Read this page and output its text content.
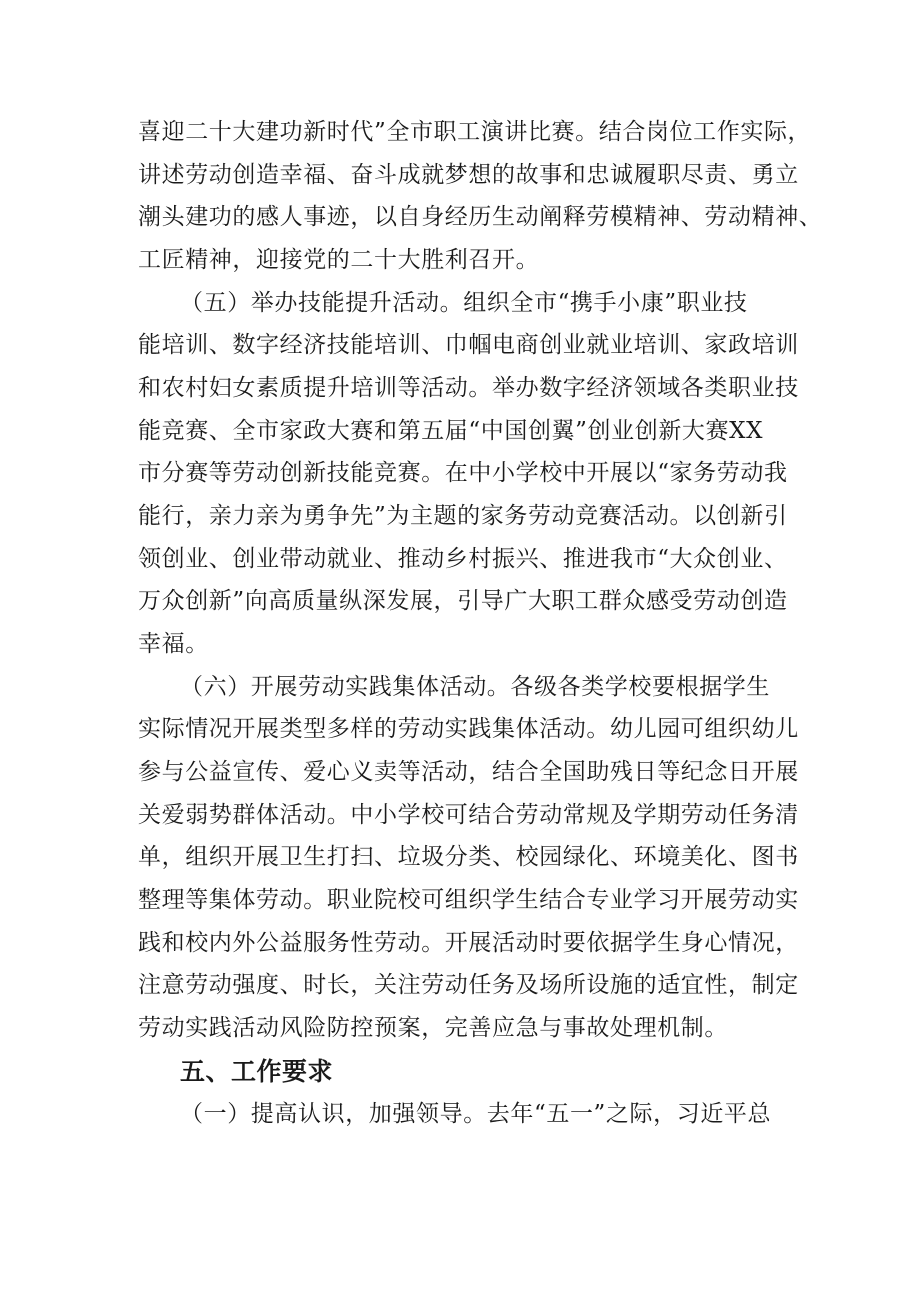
喜迎二十大建功新时代”全市职工演讲比赛。结合岗位工作实际，
讲述劳动创造幸福、奋斗成就梦想的故事和忠诚履职尽责、勇立
潮头建功的感人事迹，以自身经历生动阐释劳模精神、劳动精神、
工匠精神，迎接党的二十大胜利召开。
（五）举办技能提升活动。组织全市“携手小康”职业技
能培训、数字经济技能培训、巾帼电商创业就业培训、家政培训
和农村妇女素质提升培训等活动。举办数字经济领域各类职业技
能竞赛、全市家政大赛和第五届“中国创翼”创业创新大赛XX
市分赛等劳动创新技能竞赛。在中小学校中开展以“家务劳动我
能行，亲力亲为勇争先”为主题的家务劳动竞赛活动。以创新引
领创业、创业带动就业、推动乡村振兴、推进我市“大众创业、
万众创新”向高质量纵深发展，引导广大职工群众感受劳动创造
幸福。
（六）开展劳动实践集体活动。各级各类学校要根据学生
实际情况开展类型多样的劳动实践集体活动。幼儿园可组织幼儿
参与公益宣传、爱心义卖等活动，结合全国助残日等纪念日开展
关爱弱势群体活动。中小学校可结合劳动常规及学期劳动任务清
单，组织开展卫生打扫、垃圾分类、校园绿化、环境美化、图书
整理等集体劳动。职业院校可组织学生结合专业学习开展劳动实
践和校内外公益服务性劳动。开展活动时要依据学生身心情况，
注意劳动强度、时长，关注劳动任务及场所设施的适宜性，制定
劳动实践活动风险防控预案，完善应急与事故处理机制。
五、工作要求
（一）提高认识，加强领导。去年“五一”之际，习近平总
